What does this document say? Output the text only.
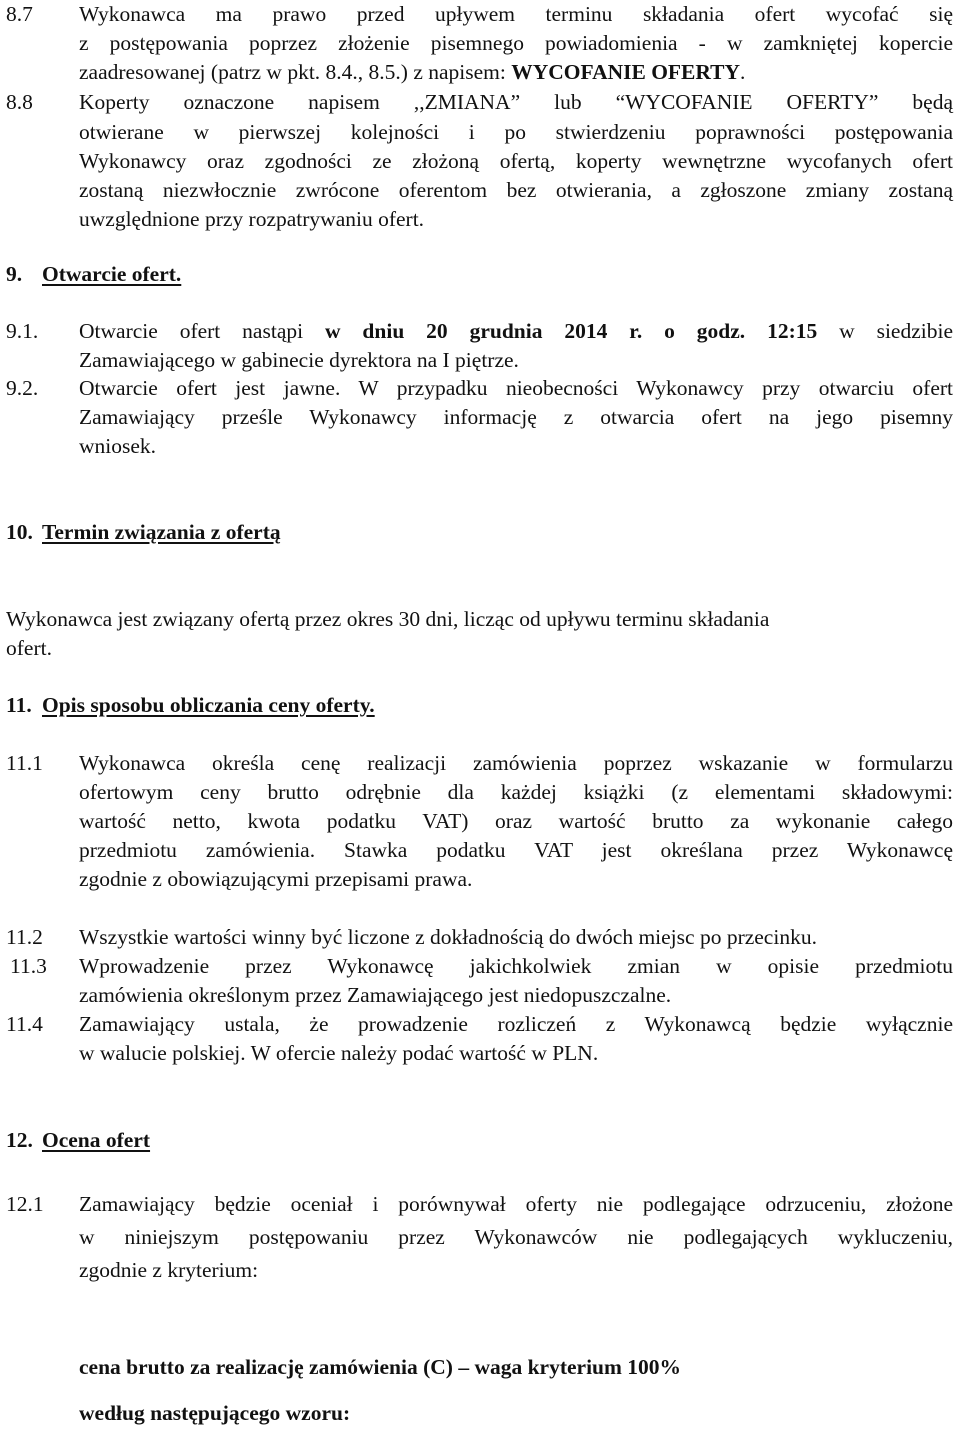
8.7 Wykonawca ma prawo przed upływem terminu składania ofert wycofać się
z postępowania poprzez złożenie pisemnego powiadomienia - w zamkniętej kopercie
zaadresowanej (patrz w pkt. 8.4., 8.5.) z napisem: WYCOFANIE OFERTY.
8.8 Koperty oznaczone napisem ,,ZMIANA” lub “WYCOFANIE OFERTY” będą
otwierane w pierwszej kolejności i po stwierdzeniu poprawności postępowania
Wykonawcy oraz zgodności ze złożoną ofertą, koperty wewnętrzne wycofanych ofert
zostaną niezwłocznie zwrócone oferentom bez otwierania, a zgłoszone zmiany zostaną
uwzględnione przy rozpatrywaniu ofert.
9. Otwarcie ofert.
9.1. Otwarcie ofert nastąpi w dniu 20 grudnia 2014 r. o godz. 12:15 w siedzibie
Zamawiającego w gabinecie dyrektora na I piętrze.
9.2. Otwarcie ofert jest jawne. W przypadku nieobecności Wykonawcy przy otwarciu ofert
Zamawiający prześle Wykonawcy informację z otwarcia ofert na jego pisemny
wniosek.
10. Termin związania z ofertą
Wykonawca jest związany ofertą przez okres 30 dni, licząc od upływu terminu składania
ofert.
11. Opis sposobu obliczania ceny oferty.
11.1 Wykonawca określa cenę realizacji zamówienia poprzez wskazanie w formularzu
ofertowym ceny brutto odrębnie dla każdej książki (z elementami składowymi:
wartość netto, kwota podatku VAT) oraz wartość brutto za wykonanie całego
przedmiotu zamówienia. Stawka podatku VAT jest określana przez Wykonawcę
zgodnie z obowiązującymi przepisami prawa.
11.2 Wszystkie wartości winny być liczone z dokładnością do dwóch miejsc po przecinku.
11.3 Wprowadzenie przez Wykonawcę jakichkolwiek zmian w opisie przedmiotu
zamówienia określonym przez Zamawiającego jest niedopuszczalne.
11.4 Zamawiający ustala, że prowadzenie rozliczeń z Wykonawcą będzie wyłącznie
w walucie polskiej. W ofercie należy podać wartość w PLN.
12. Ocena ofert
12.1 Zamawiający będzie oceniał i porównywał oferty nie podlegające odrzuceniu, złożone
w niniejszym postępowaniu przez Wykonawców nie podlegających wykluczeniu,
zgodnie z kryterium:
cena brutto za realizację zamówienia (C) – waga kryterium 100%
według następującego wzoru:
